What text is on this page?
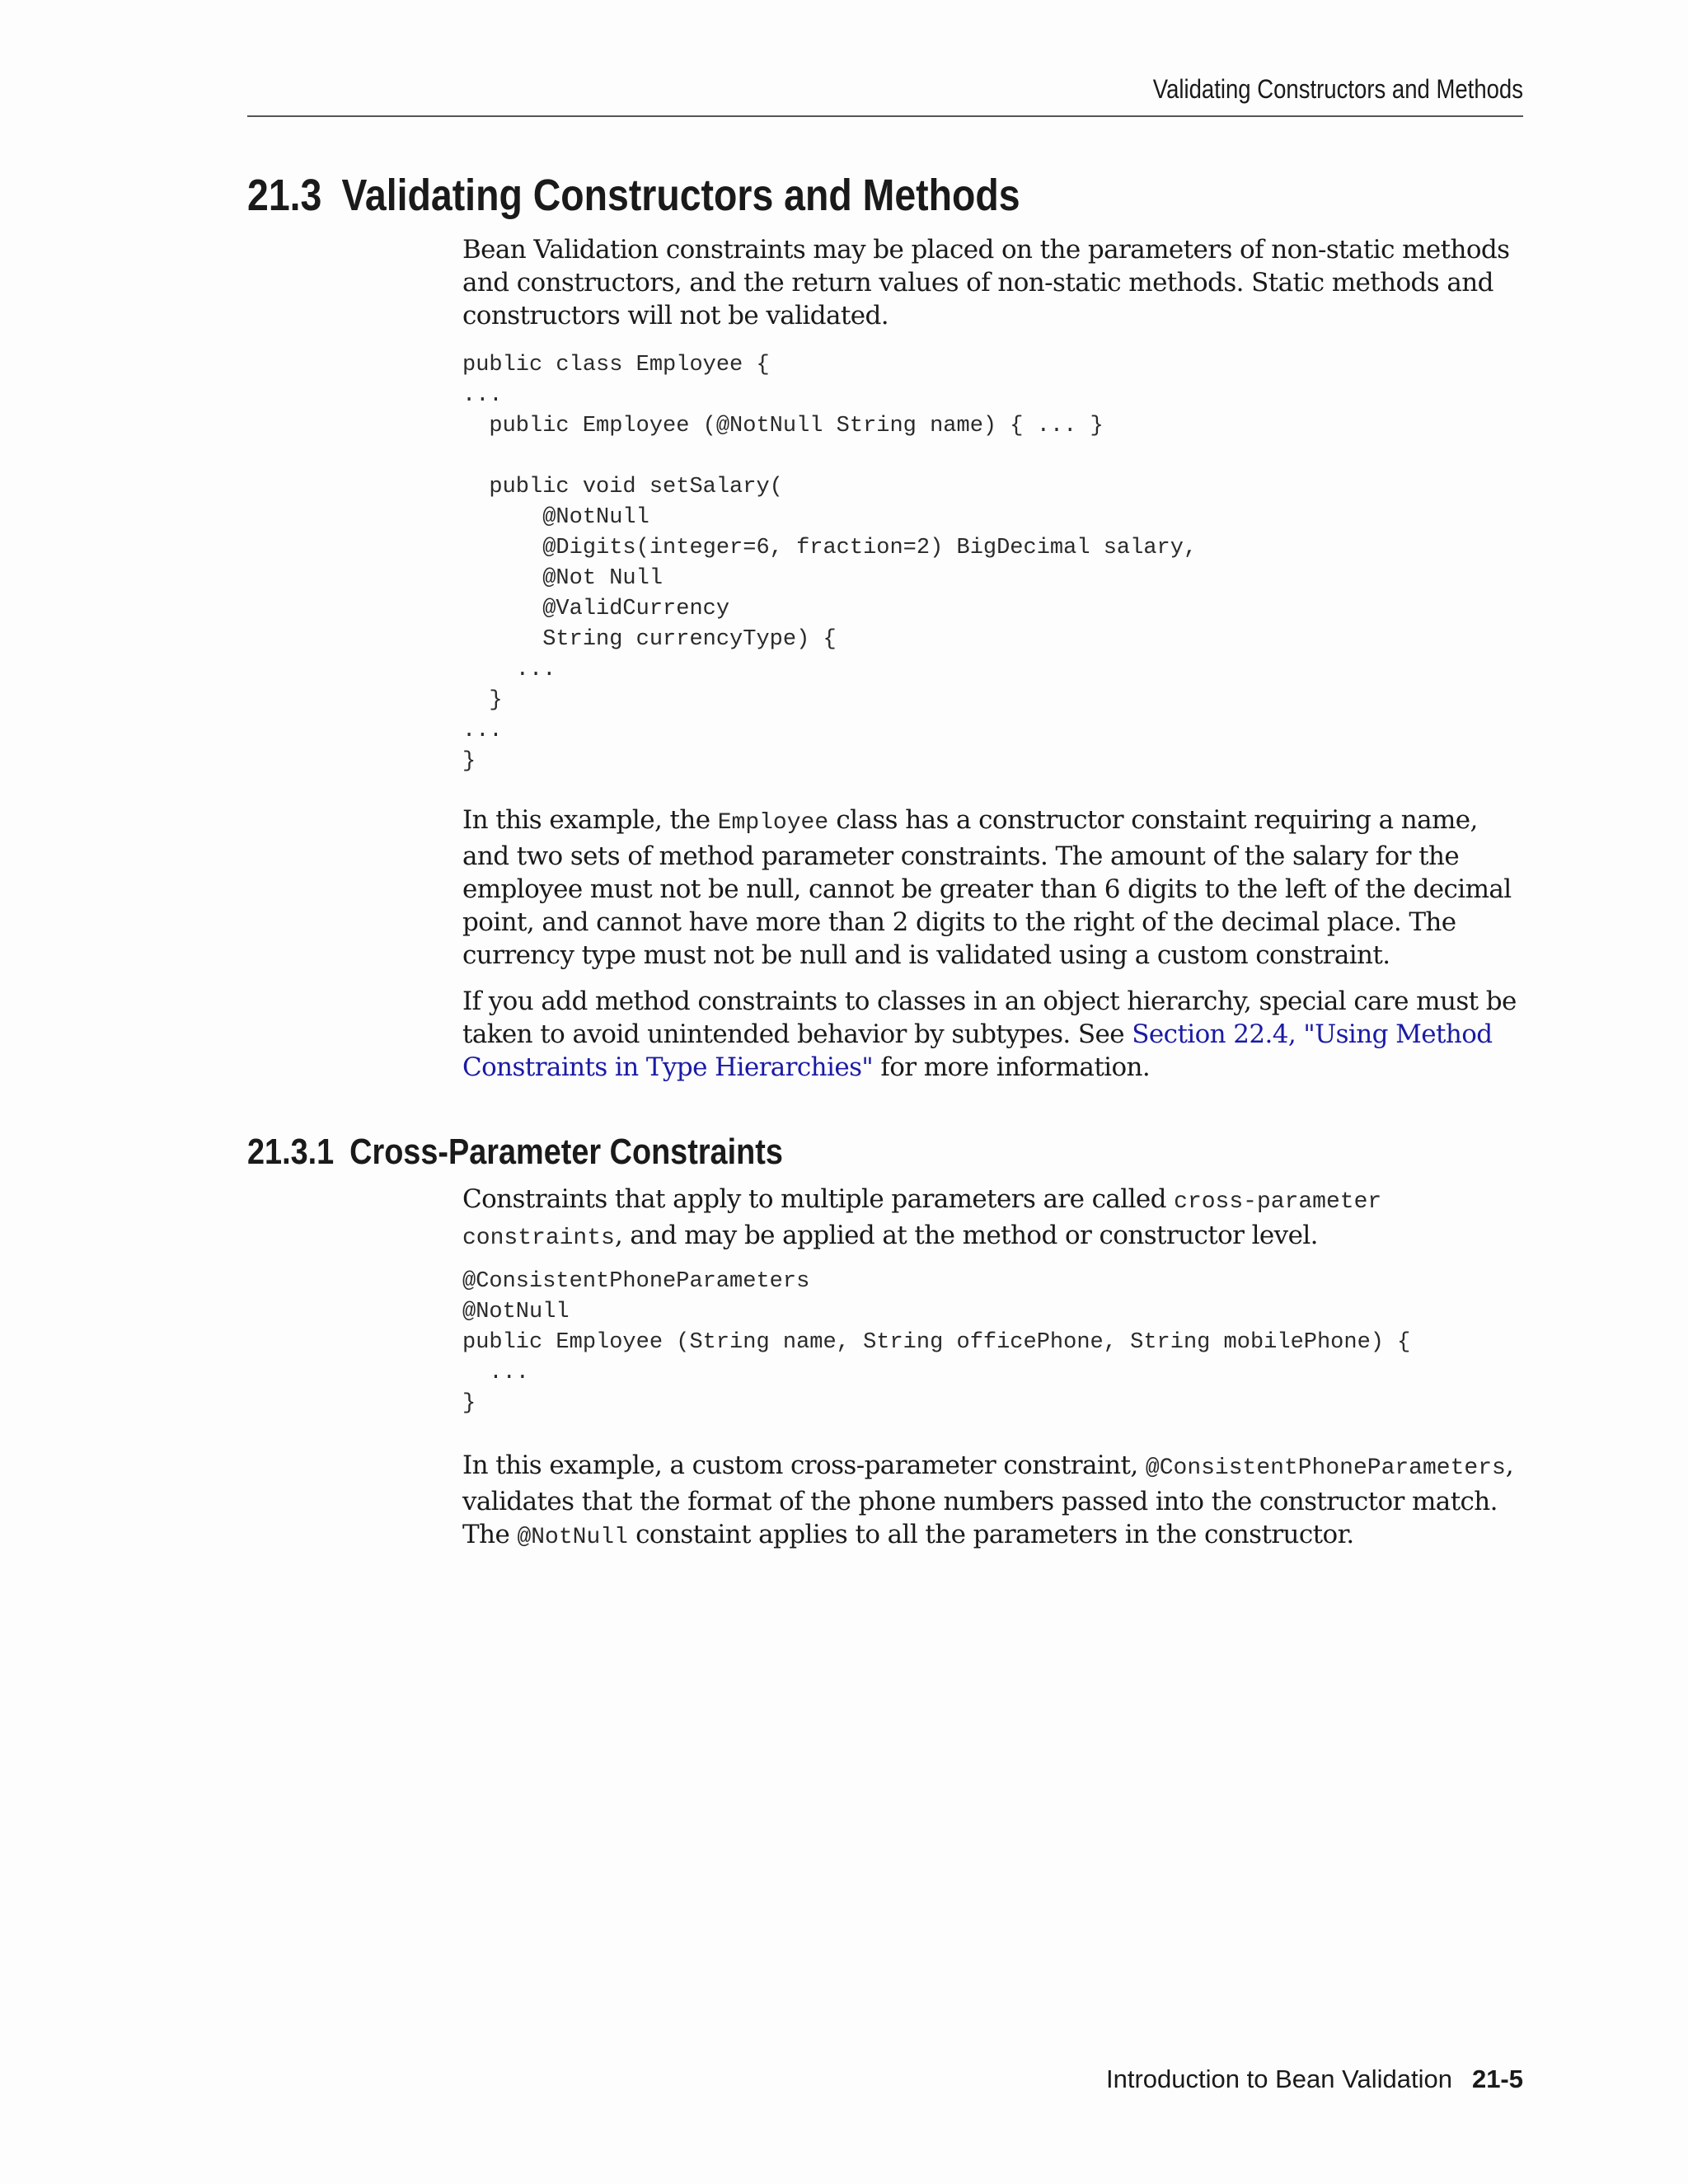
Validating Constructors and Methods
21.3 Validating Constructors and Methods

Bean Validation constraints may be placed on the parameters of non-static methods and constructors, and the return values of non-static methods. Static methods and constructors will not be validated.

public class Employee {
...
public Employee (@NotNull String name) { ... }

public void setSalary(
@NotNull
@Digits(integer=6, fraction=2) BigDecimal salary,
@Not Null
@ValidCurrency
String currencyType) {
...
}
...
}

In this example, the Employee class has a constructor constaint requiring a name, and two sets of method parameter constraints. The amount of the salary for the employee must not be null, cannot be greater than 6 digits to the left of the decimal point, and cannot have more than 2 digits to the right of the decimal place. The currency type must not be null and is validated using a custom constraint.

If you add method constraints to classes in an object hierarchy, special care must be taken to avoid unintended behavior by subtypes. See Section 22.4, "Using Method Constraints in Type Hierarchies" for more information.

21.3.1 Cross-Parameter Constraints

Constraints that apply to multiple parameters are called cross-parameter constraints, and may be applied at the method or constructor level.

@ConsistentPhoneParameters
@NotNull
public Employee (String name, String officePhone, String mobilePhone) {
...
}

In this example, a custom cross-parameter constraint, @ConsistentPhoneParameters, validates that the format of the phone numbers passed into the constructor match. The @NotNull constaint applies to all the parameters in the constructor.

Introduction to Bean Validation 21-5
